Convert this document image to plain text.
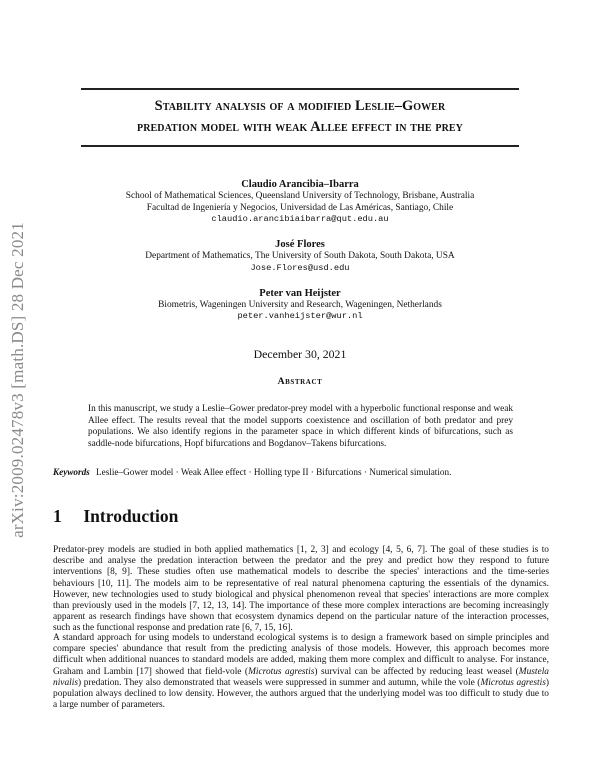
arXiv:2009.02478v3 [math.DS] 28 Dec 2021
Stability analysis of a modified Leslie–Gower
predation model with weak Allee effect in the prey
Claudio Arancibia–Ibarra
School of Mathematical Sciences, Queensland University of Technology, Brisbane, Australia
Facultad de Ingeniería y Negocios, Universidad de Las Américas, Santiago, Chile
claudio.arancibiaibarra@qut.edu.au
José Flores
Department of Mathematics, The University of South Dakota, South Dakota, USA
Jose.Flores@usd.edu
Peter van Heijster
Biometris, Wageningen University and Research, Wageningen, Netherlands
peter.vanheijster@wur.nl
December 30, 2021
Abstract
In this manuscript, we study a Leslie–Gower predator-prey model with a hyperbolic functional response and weak Allee effect. The results reveal that the model supports coexistence and oscillation of both predator and prey populations. We also identify regions in the parameter space in which different kinds of bifurcations, such as saddle-node bifurcations, Hopf bifurcations and Bogdanov–Takens bifurcations.
Keywords Leslie–Gower model · Weak Allee effect · Holling type II · Bifurcations · Numerical simulation.
1 Introduction
Predator-prey models are studied in both applied mathematics [1, 2, 3] and ecology [4, 5, 6, 7]. The goal of these studies is to describe and analyse the predation interaction between the predator and the prey and predict how they respond to future interventions [8, 9]. These studies often use mathematical models to describe the species' interactions and the time-series behaviours [10, 11]. The models aim to be representative of real natural phenomena capturing the essentials of the dynamics. However, new technologies used to study biological and physical phenomenon reveal that species' interactions are more complex than previously used in the models [7, 12, 13, 14]. The importance of these more complex interactions are becoming increasingly apparent as research findings have shown that ecosystem dynamics depend on the particular nature of the interaction processes, such as the functional response and predation rate [6, 7, 15, 16].
A standard approach for using models to understand ecological systems is to design a framework based on simple principles and compare species' abundance that result from the predicting analysis of those models. However, this approach becomes more difficult when additional nuances to standard models are added, making them more complex and difficult to analyse. For instance, Graham and Lambin [17] showed that field-vole (Microtus agrestis) survival can be affected by reducing least weasel (Mustela nivalis) predation. They also demonstrated that weasels were suppressed in summer and autumn, while the vole (Microtus agrestis) population always declined to low density. However, the authors argued that the underlying model was too difficult to study due to a large number of parameters.
